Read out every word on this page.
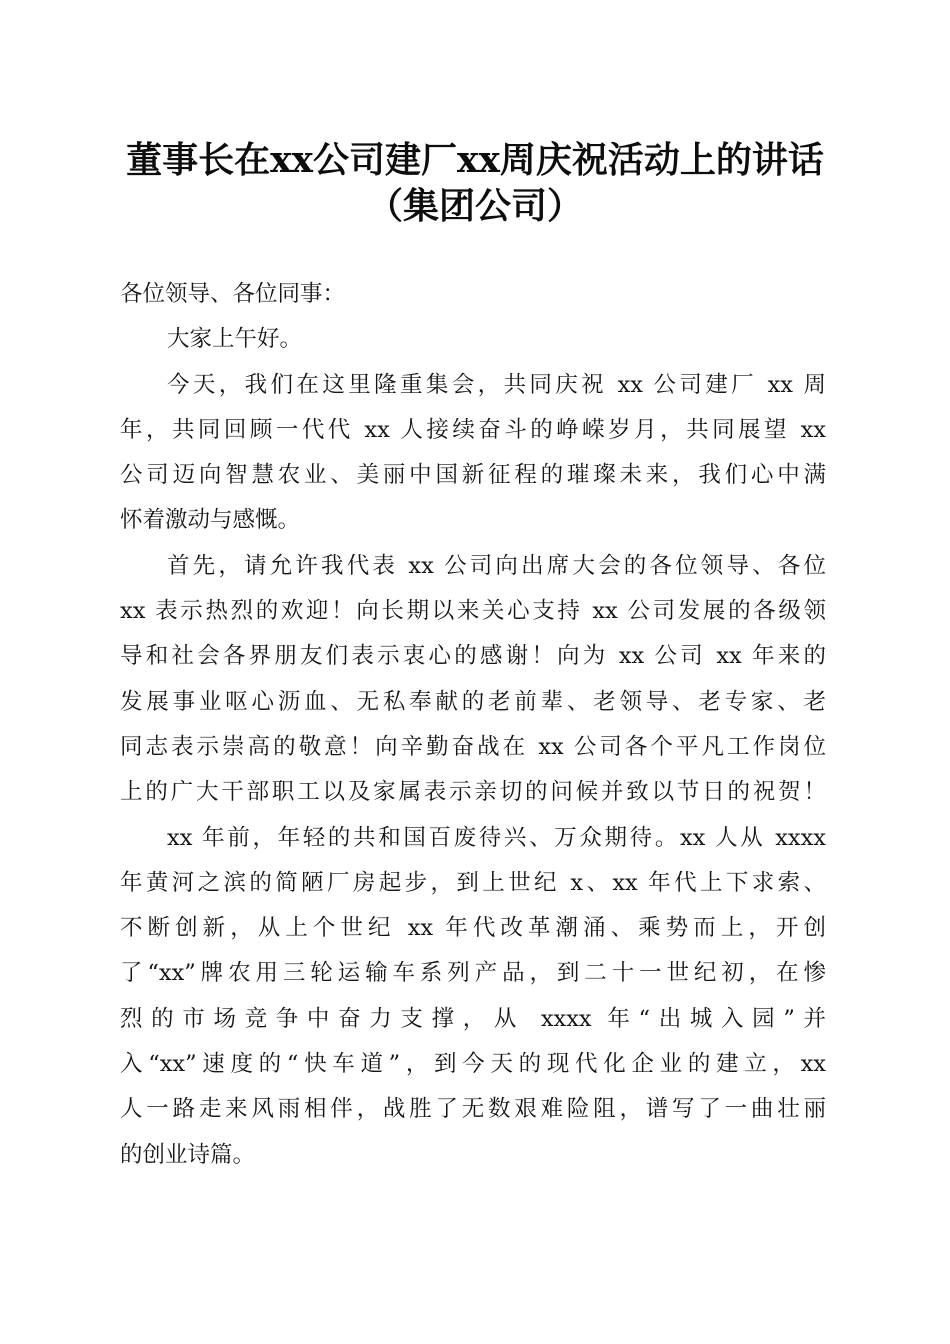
董事长在xx公司建厂xx周庆祝活动上的讲话
（集团公司）
各位领导、各位同事：
大家上午好。
今天，我们在这里隆重集会，共同庆祝 xx 公司建厂 xx 周
年，共同回顾一代代 xx 人接续奋斗的峥嵘岁月，共同展望 xx
公司迈向智慧农业、美丽中国新征程的璀璨未来，我们心中满
怀着激动与感慨。
首先，请允许我代表 xx 公司向出席大会的各位领导、各位
xx 表示热烈的欢迎！向长期以来关心支持 xx 公司发展的各级领
导和社会各界朋友们表示衷心的感谢！向为 xx 公司 xx 年来的
发展事业呕心沥血、无私奉献的老前辈、老领导、老专家、老
同志表示崇高的敬意！向辛勤奋战在 xx 公司各个平凡工作岗位
上的广大干部职工以及家属表示亲切的问候并致以节日的祝贺！
xx 年前，年轻的共和国百废待兴、万众期待。xx 人从 xxxx
年黄河之滨的简陋厂房起步，到上世纪 x、xx 年代上下求索、
不断创新，从上个世纪 xx 年代改革潮涌、乘势而上，开创
了“xx”牌农用三轮运输车系列产品，到二十一世纪初，在惨
烈的市场竞争中奋力支撑，从 xxxx 年“出城入园”并
入“xx”速度的“快车道”，到今天的现代化企业的建立，xx
人一路走来风雨相伴，战胜了无数艰难险阻，谱写了一曲壮丽
的创业诗篇。
